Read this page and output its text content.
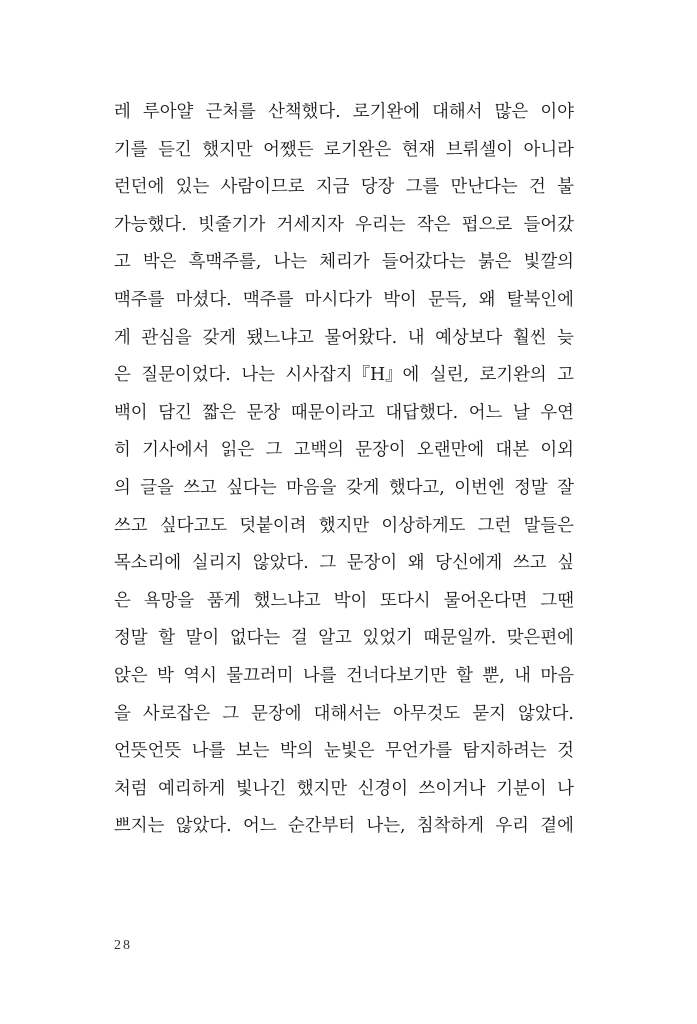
레 루아얄 근처를 산책했다. 로기완에 대해서 많은 이야
기를 듣긴 했지만 어쨌든 로기완은 현재 브뤼셀이 아니라
런던에 있는 사람이므로 지금 당장 그를 만난다는 건 불
가능했다. 빗줄기가 거세지자 우리는 작은 펍으로 들어갔
고 박은 흑맥주를, 나는 체리가 들어갔다는 붉은 빛깔의
맥주를 마셨다. 맥주를 마시다가 박이 문득, 왜 탈북인에
게 관심을 갖게 됐느냐고 물어왔다. 내 예상보다 훨씬 늦
은 질문이었다. 나는 시사잡지『H』에 실린, 로기완의 고
백이 담긴 짧은 문장 때문이라고 대답했다. 어느 날 우연
히 기사에서 읽은 그 고백의 문장이 오랜만에 대본 이외
의 글을 쓰고 싶다는 마음을 갖게 했다고, 이번엔 정말 잘
쓰고 싶다고도 덧붙이려 했지만 이상하게도 그런 말들은
목소리에 실리지 않았다. 그 문장이 왜 당신에게 쓰고 싶
은 욕망을 품게 했느냐고 박이 또다시 물어온다면 그땐
정말 할 말이 없다는 걸 알고 있었기 때문일까. 맞은편에
앉은 박 역시 물끄러미 나를 건너다보기만 할 뿐, 내 마음
을 사로잡은 그 문장에 대해서는 아무것도 묻지 않았다.
언뜻언뜻 나를 보는 박의 눈빛은 무언가를 탐지하려는 것
처럼 예리하게 빛나긴 했지만 신경이 쓰이거나 기분이 나
쁘지는 않았다. 어느 순간부터 나는, 침착하게 우리 곁에
28
